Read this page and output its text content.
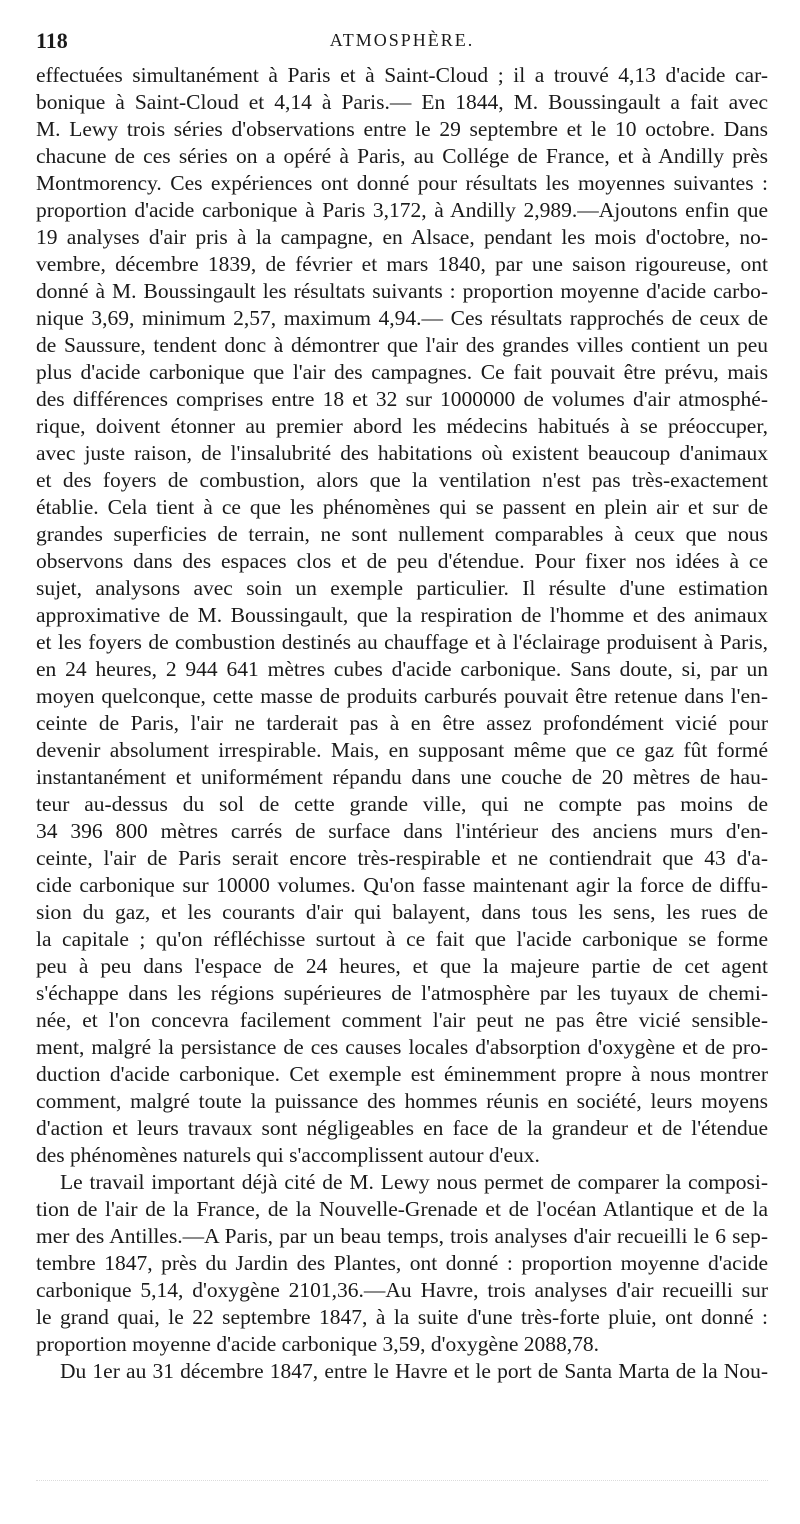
118	ATMOSPHÈRE.
effectuées simultanément à Paris et à Saint-Cloud ; il a trouvé 4,13 d'acide car-
bonique à Saint-Cloud et 4,14 à Paris.— En 1844, M. Boussingault a fait avec
M. Lewy trois séries d'observations entre le 29 septembre et le 10 octobre. Dans
chacune de ces séries on a opéré à Paris, au Collége de France, et à Andilly près
Montmorency. Ces expériences ont donné pour résultats les moyennes suivantes :
proportion d'acide carbonique à Paris 3,172, à Andilly 2,989.—Ajoutons enfin que
19 analyses d'air pris à la campagne, en Alsace, pendant les mois d'octobre, no-
vembre, décembre 1839, de février et mars 1840, par une saison rigoureuse, ont
donné à M. Boussingault les résultats suivants : proportion moyenne d'acide carbo-
nique 3,69, minimum 2,57, maximum 4,94.— Ces résultats rapprochés de ceux de
de Saussure, tendent donc à démontrer que l'air des grandes villes contient un peu
plus d'acide carbonique que l'air des campagnes. Ce fait pouvait être prévu, mais
des différences comprises entre 18 et 32 sur 1000000 de volumes d'air atmosphé-
rique, doivent étonner au premier abord les médecins habitués à se préoccuper,
avec juste raison, de l'insalubrité des habitations où existent beaucoup d'animaux
et des foyers de combustion, alors que la ventilation n'est pas très-exactement
établie. Cela tient à ce que les phénomènes qui se passent en plein air et sur de
grandes superficies de terrain, ne sont nullement comparables à ceux que nous
observons dans des espaces clos et de peu d'étendue. Pour fixer nos idées à ce
sujet, analysons avec soin un exemple particulier. Il résulte d'une estimation
approximative de M. Boussingault, que la respiration de l'homme et des animaux
et les foyers de combustion destinés au chauffage et à l'éclairage produisent à Paris,
en 24 heures, 2 944 641 mètres cubes d'acide carbonique. Sans doute, si, par un
moyen quelconque, cette masse de produits carburés pouvait être retenue dans l'en-
ceinte de Paris, l'air ne tarderait pas à en être assez profondément vicié pour
devenir absolument irrespirable. Mais, en supposant même que ce gaz fût formé
instantanément et uniformément répandu dans une couche de 20 mètres de hau-
teur au-dessus du sol de cette grande ville, qui ne compte pas moins de
34 396 800 mètres carrés de surface dans l'intérieur des anciens murs d'en-
ceinte, l'air de Paris serait encore très-respirable et ne contiendrait que 43 d'a-
cide carbonique sur 10000 volumes. Qu'on fasse maintenant agir la force de diffu-
sion du gaz, et les courants d'air qui balayent, dans tous les sens, les rues de
la capitale ; qu'on réfléchisse surtout à ce fait que l'acide carbonique se forme
peu à peu dans l'espace de 24 heures, et que la majeure partie de cet agent
s'échappe dans les régions supérieures de l'atmosphère par les tuyaux de chemi-
née, et l'on concevra facilement comment l'air peut ne pas être vicié sensible-
ment, malgré la persistance de ces causes locales d'absorption d'oxygène et de pro-
duction d'acide carbonique. Cet exemple est éminemment propre à nous montrer
comment, malgré toute la puissance des hommes réunis en société, leurs moyens
d'action et leurs travaux sont négligeables en face de la grandeur et de l'étendue
des phénomènes naturels qui s'accomplissent autour d'eux.
Le travail important déjà cité de M. Lewy nous permet de comparer la composi-
tion de l'air de la France, de la Nouvelle-Grenade et de l'océan Atlantique et de la
mer des Antilles.—A Paris, par un beau temps, trois analyses d'air recueilli le 6 sep-
tembre 1847, près du Jardin des Plantes, ont donné : proportion moyenne d'acide
carbonique 5,14, d'oxygène 2101,36.—Au Havre, trois analyses d'air recueilli sur
le grand quai, le 22 septembre 1847, à la suite d'une très-forte pluie, ont donné :
proportion moyenne d'acide carbonique 3,59, d'oxygène 2088,78.
Du 1er au 31 décembre 1847, entre le Havre et le port de Santa Marta de la Nou-
